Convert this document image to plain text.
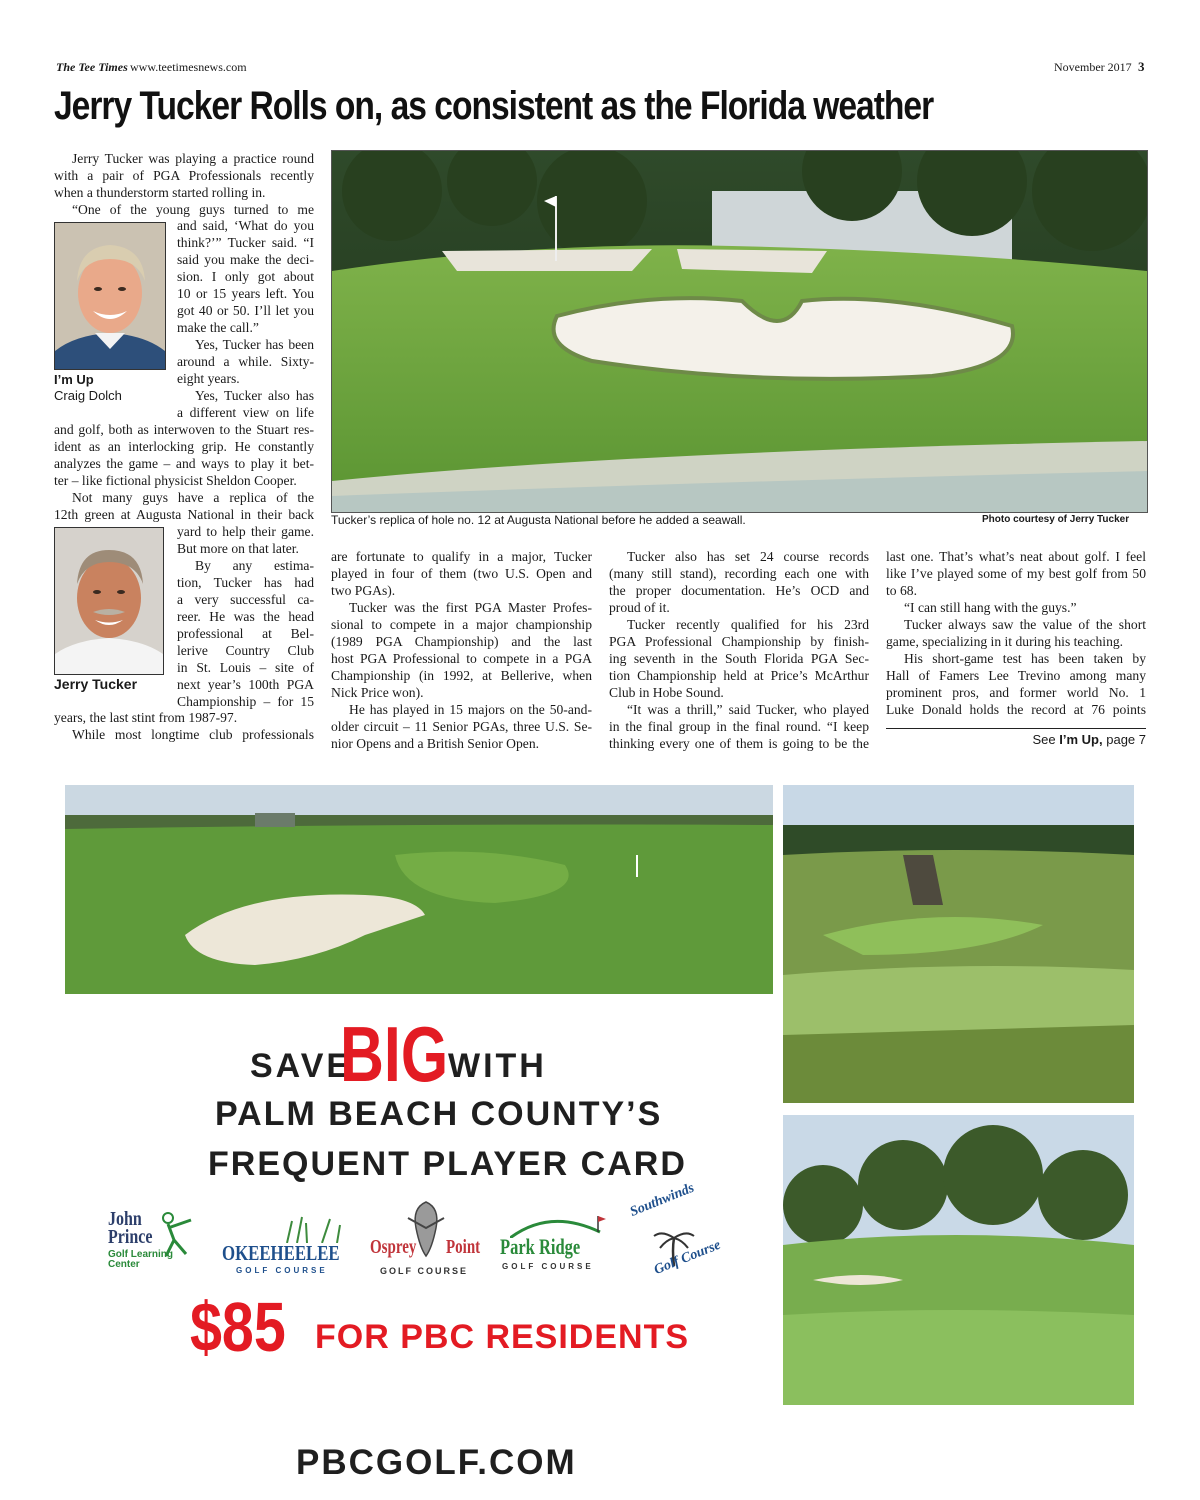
The Tee Times www.teetimesnews.com	November 2017 3
Jerry Tucker Rolls on, as consistent as the Florida weather
Jerry Tucker was playing a practice round
with a pair of PGA Professionals recently
when a thunderstorm started rolling in.
“One of the young guys turned to me
I’m Up
Craig Dolch
and said, ‘What do you
think?’” Tucker said. “I
said you make the deci-
sion. I only got about
10 or 15 years left. You
got 40 or 50. I’ll let you
make the call.”
Yes, Tucker has been
around a while. Sixty-
eight years.
Yes, Tucker also has
a different view on life
and golf, both as interwoven to the Stuart res-
ident as an interlocking grip. He constantly
analyzes the game – and ways to play it bet-
ter – like fictional physicist Sheldon Cooper.
Not many guys have a replica of the
12th green at Augusta National in their back
Jerry Tucker
yard to help their game.
But more on that later.
By any estima-
tion, Tucker has had
a very successful ca-
reer. He was the head
professional at Bel-
lerive Country Club
in St. Louis – site of
next year’s 100th PGA
Championship – for 15
years, the last stint from 1987-97.
While most longtime club professionals
Tucker’s replica of hole no. 12 at Augusta National before he added a seawall.	Photo courtesy of Jerry Tucker
are fortunate to qualify in a major, Tucker
played in four of them (two U.S. Open and
two PGAs).
Tucker was the first PGA Master Profes-
sional to compete in a major championship
(1989 PGA Championship) and the last
host PGA Professional to compete in a PGA
Championship (in 1992, at Bellerive, when
Nick Price won).
He has played in 15 majors on the 50-and-
older circuit – 11 Senior PGAs, three U.S. Se-
nior Opens and a British Senior Open.
Tucker also has set 24 course records
(many still stand), recording each one with
the proper documentation. He’s OCD and
proud of it.
Tucker recently qualified for his 23rd
PGA Professional Championship by finish-
ing seventh in the South Florida PGA Sec-
tion Championship held at Price’s McArthur
Club in Hobe Sound.
“It was a thrill,” said Tucker, who played
in the final group in the final round. “I keep
thinking every one of them is going to be the
last one. That’s what’s neat about golf. I feel
like I’ve played some of my best golf from 50
to 68.
“I can still hang with the guys.”
Tucker always saw the value of the short
game, specializing in it during his teaching.
His short-game test has been taken by
Hall of Famers Lee Trevino among many
prominent pros, and former world No. 1
Luke Donald holds the record at 76 points
See I’m Up, page 7
SAVE
BIG WITH
PALM BEACH COUNTY’S
FREQUENT PLAYER CARD
John
Prince
Golf Learning
Center	OKEEHEELEE
GOLF COURSE
Osprey Point
GOLF COURSE
Park Ridge
GOLF COURSE
Southwinds
Golf Course
$85 FOR PBC RESIDENTS
PBCGOLF.COM
